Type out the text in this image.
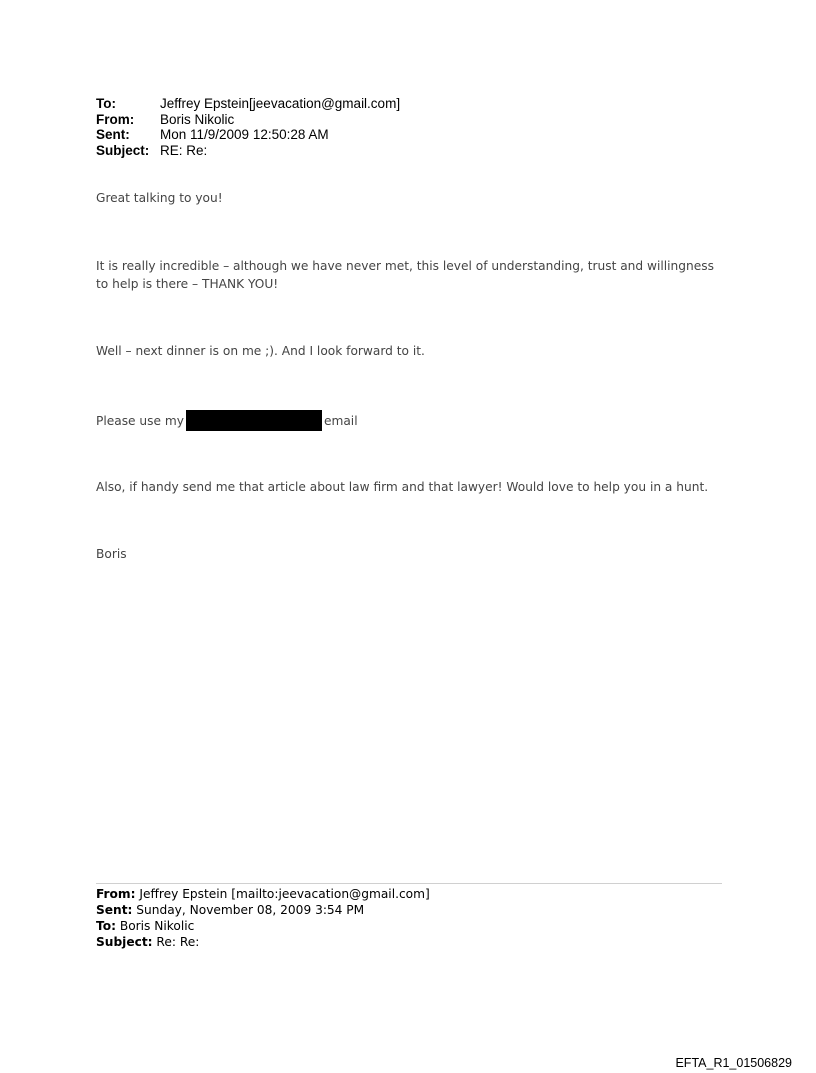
To:	Jeffrey Epstein[jeevacation@gmail.com]
From:	Boris Nikolic
Sent:	Mon 11/9/2009 12:50:28 AM
Subject: RE: Re:
Great talking to you!
It is really incredible – although we have never met, this level of understanding, trust and willingness to help is there – THANK YOU!
Well – next dinner is on me ;). And I look forward to it.
Please use my	email
Also, if handy send me that article about law firm and that lawyer! Would love to help you in a hunt.
Boris
From: Jeffrey Epstein [mailto:jeevacation@gmail.com]
Sent: Sunday, November 08, 2009 3:54 PM
To: Boris Nikolic
Subject: Re: Re:
EFTA_R1_01506829
